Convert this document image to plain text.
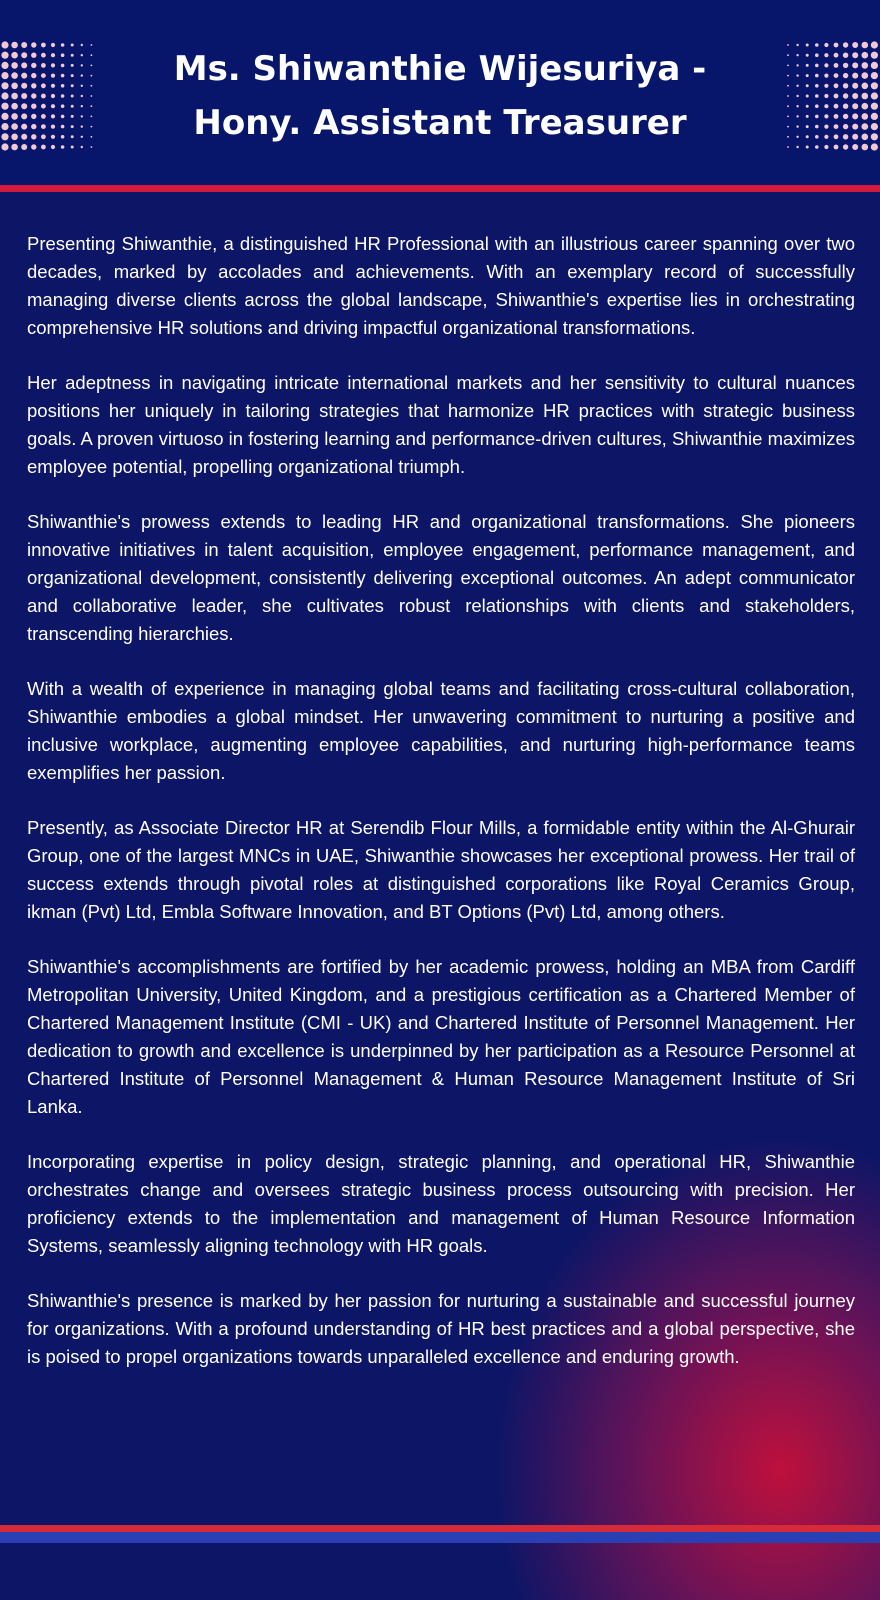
Ms. Shiwanthie Wijesuriya -
Hony. Assistant Treasurer

Presenting Shiwanthie, a distinguished HR Professional with an illustrious career spanning over two decades, marked by accolades and achievements. With an exemplary record of successfully managing diverse clients across the global landscape, Shiwanthie's expertise lies in orchestrating comprehensive HR solutions and driving impactful organizational transformations.

Her adeptness in navigating intricate international markets and her sensitivity to cultural nuances positions her uniquely in tailoring strategies that harmonize HR practices with strategic business goals. A proven virtuoso in fostering learning and performance-driven cultures, Shiwanthie maximizes employee potential, propelling organizational triumph.

Shiwanthie's prowess extends to leading HR and organizational transformations. She pioneers innovative initiatives in talent acquisition, employee engagement, performance management, and organizational development, consistently delivering exceptional outcomes. An adept communicator and collaborative leader, she cultivates robust relationships with clients and stakeholders, transcending hierarchies.

With a wealth of experience in managing global teams and facilitating cross-cultural collaboration, Shiwanthie embodies a global mindset. Her unwavering commitment to nurturing a positive and inclusive workplace, augmenting employee capabilities, and nurturing high-performance teams exemplifies her passion.

Presently, as Associate Director HR at Serendib Flour Mills, a formidable entity within the Al-Ghurair Group, one of the largest MNCs in UAE, Shiwanthie showcases her exceptional prowess. Her trail of success extends through pivotal roles at distinguished corporations like Royal Ceramics Group, ikman (Pvt) Ltd, Embla Software Innovation, and BT Options (Pvt) Ltd, among others.

Shiwanthie's accomplishments are fortified by her academic prowess, holding an MBA from Cardiff Metropolitan University, United Kingdom, and a prestigious certification as a Chartered Member of Chartered Management Institute (CMI - UK) and Chartered Institute of Personnel Management. Her dedication to growth and excellence is underpinned by her participation as a Resource Personnel at Chartered Institute of Personnel Management & Human Resource Management Institute of Sri Lanka.

Incorporating expertise in policy design, strategic planning, and operational HR, Shiwanthie orchestrates change and oversees strategic business process outsourcing with precision. Her proficiency extends to the implementation and management of Human Resource Information Systems, seamlessly aligning technology with HR goals.

Shiwanthie's presence is marked by her passion for nurturing a sustainable and successful journey for organizations. With a profound understanding of HR best practices and a global perspective, she is poised to propel organizations towards unparalleled excellence and enduring growth.
